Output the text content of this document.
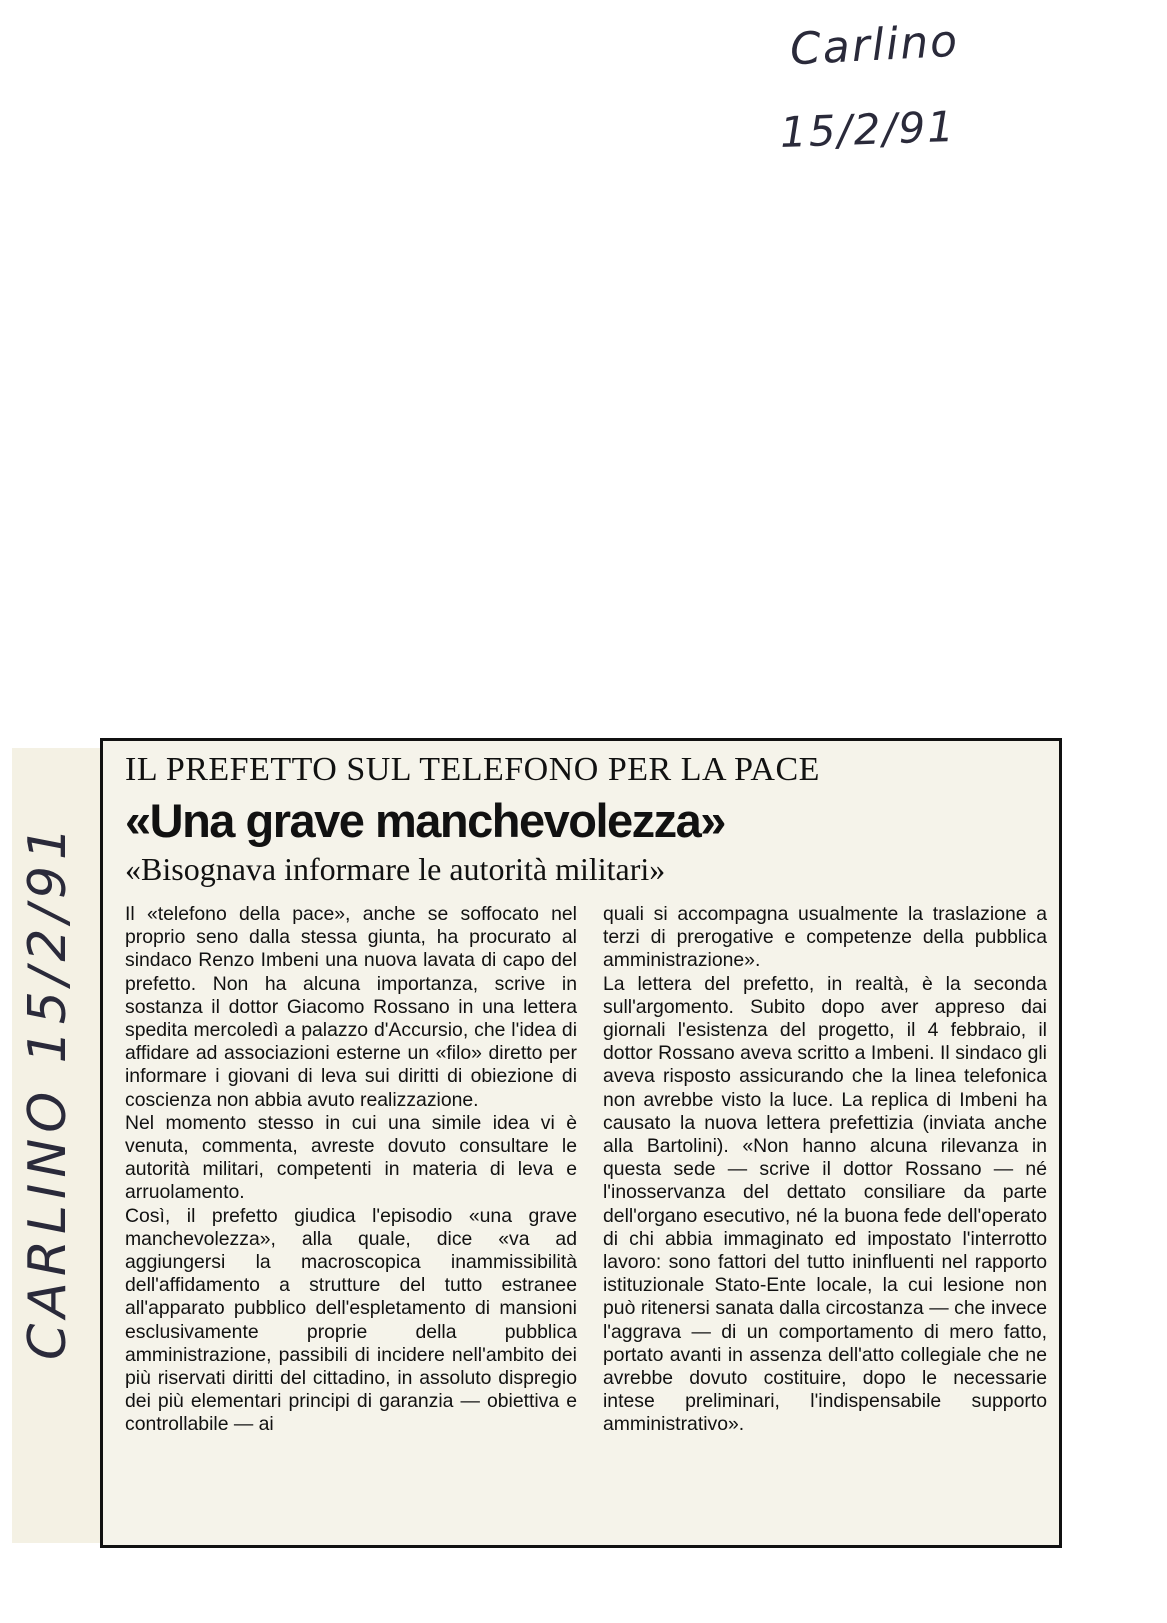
Carlino
15/2/91
CARLINO 15/2/91
IL PREFETTO SUL TELEFONO PER LA PACE
«Una grave manchevolezza»
«Bisognava informare le autorità militari»

Il «telefono della pace», anche se soffocato nel proprio seno dalla stessa giunta, ha procurato al sindaco Renzo Imbeni una nuova lavata di capo del prefetto. Non ha alcuna importanza, scrive in sostanza il dottor Giacomo Rossano in una lettera spedita mercoledì a palazzo d'Accursio, che l'idea di affidare ad associazioni esterne un «filo» diretto per informare i giovani di leva sui diritti di obiezione di coscienza non abbia avuto realizzazione.

Nel momento stesso in cui una simile idea vi è venuta, commenta, avreste dovuto consultare le autorità militari, competenti in materia di leva e arruolamento.

Così, il prefetto giudica l'episodio «una grave manchevolezza», alla quale, dice «va ad aggiungersi la macroscopica inammissibilità dell'affidamento a strutture del tutto estranee all'apparato pubblico dell'espletamento di mansioni esclusivamente proprie della pubblica amministrazione, passibili di incidere nell'ambito dei più riservati diritti del cittadino, in assoluto dispregio dei più elementari principi di garanzia — obiettiva e controllabile — ai

quali si accompagna usualmente la traslazione a terzi di prerogative e competenze della pubblica amministrazione».

La lettera del prefetto, in realtà, è la seconda sull'argomento. Subito dopo aver appreso dai giornali l'esistenza del progetto, il 4 febbraio, il dottor Rossano aveva scritto a Imbeni. Il sindaco gli aveva risposto assicurando che la linea telefonica non avrebbe visto la luce. La replica di Imbeni ha causato la nuova lettera prefettizia (inviata anche alla Bartolini). «Non hanno alcuna rilevanza in questa sede — scrive il dottor Rossano — né l'inosservanza del dettato consiliare da parte dell'organo esecutivo, né la buona fede dell'operato di chi abbia immaginato ed impostato l'interrotto lavoro: sono fattori del tutto ininfluenti nel rapporto istituzionale Stato-Ente locale, la cui lesione non può ritenersi sanata dalla circostanza — che invece l'aggrava — di un comportamento di mero fatto, portato avanti in assenza dell'atto collegiale che ne avrebbe dovuto costituire, dopo le necessarie intese preliminari, l'indispensabile supporto amministrativo».
